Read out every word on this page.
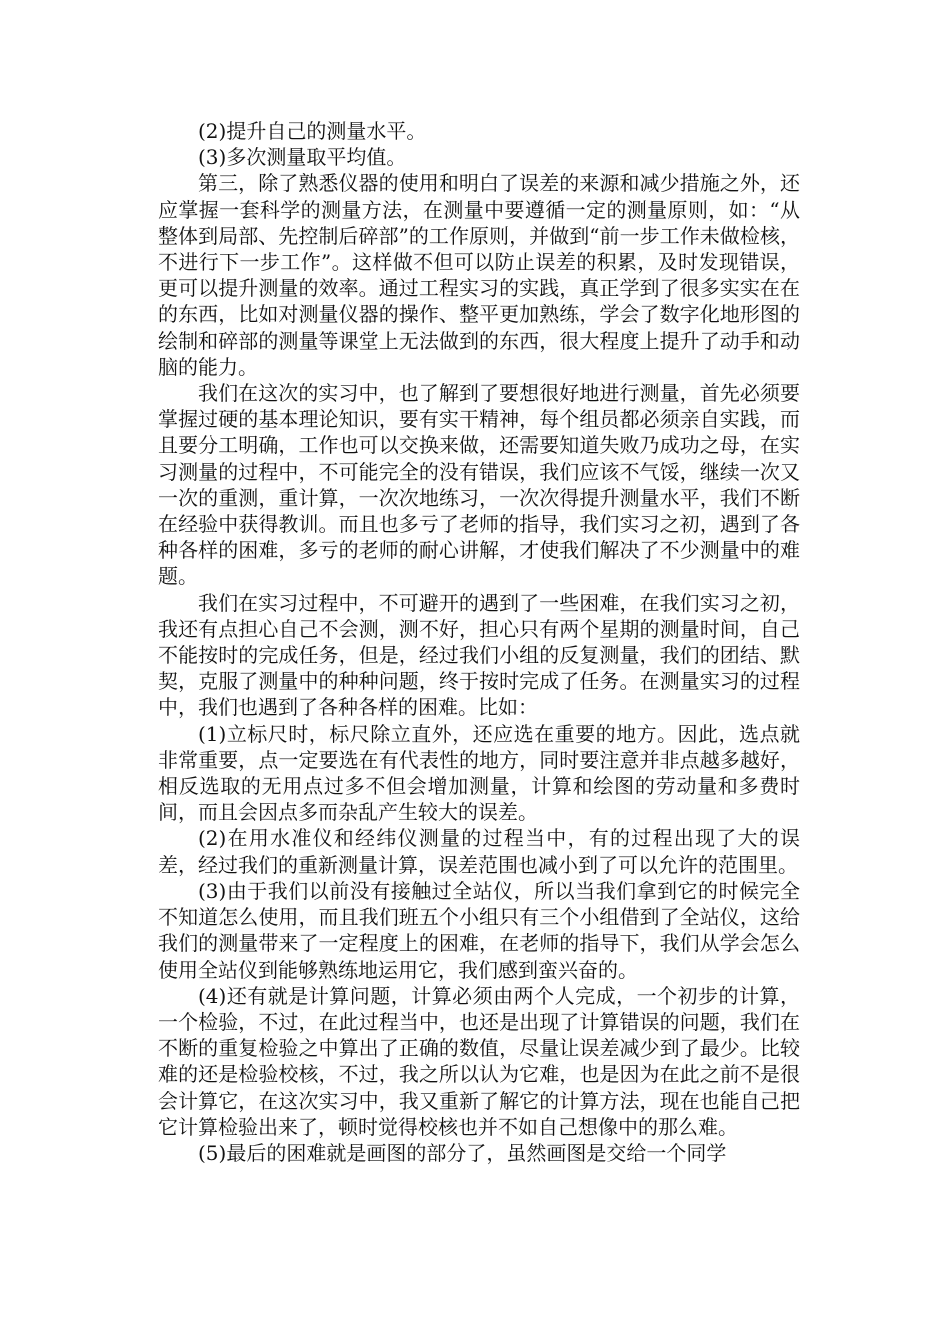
(2)提升自己的测量水平。

(3)多次测量取平均值。

第三，除了熟悉仪器的使用和明白了误差的来源和减少措施之外，还应掌握一套科学的测量方法，在测量中要遵循一定的测量原则，如：“从整体到局部、先控制后碎部”的工作原则，并做到“前一步工作未做检核，不进行下一步工作”。这样做不但可以防止误差的积累，及时发现错误，更可以提升测量的效率。通过工程实习的实践，真正学到了很多实实在在的东西，比如对测量仪器的操作、整平更加熟练，学会了数字化地形图的绘制和碎部的测量等课堂上无法做到的东西，很大程度上提升了动手和动脑的能力。

我们在这次的实习中，也了解到了要想很好地进行测量，首先必须要掌握过硬的基本理论知识，要有实干精神，每个组员都必须亲自实践，而且要分工明确，工作也可以交换来做，还需要知道失败乃成功之母，在实习测量的过程中，不可能完全的没有错误，我们应该不气馁，继续一次又一次的重测，重计算，一次次地练习，一次次得提升测量水平，我们不断在经验中获得教训。而且也多亏了老师的指导，我们实习之初，遇到了各种各样的困难，多亏的老师的耐心讲解，才使我们解决了不少测量中的难题。

我们在实习过程中，不可避开的遇到了一些困难，在我们实习之初，我还有点担心自己不会测，测不好，担心只有两个星期的测量时间，自己不能按时的完成任务，但是，经过我们小组的反复测量，我们的团结、默契，克服了测量中的种种问题，终于按时完成了任务。在测量实习的过程中，我们也遇到了各种各样的困难。比如：

(1)立标尺时，标尺除立直外，还应选在重要的地方。因此，选点就非常重要，点一定要选在有代表性的地方，同时要注意并非点越多越好，相反选取的无用点过多不但会增加测量，计算和绘图的劳动量和多费时间，而且会因点多而杂乱产生较大的误差。

(2)在用水准仪和经纬仪测量的过程当中，有的过程出现了大的误差，经过我们的重新测量计算，误差范围也减小到了可以允许的范围里。

(3)由于我们以前没有接触过全站仪，所以当我们拿到它的时候完全不知道怎么使用，而且我们班五个小组只有三个小组借到了全站仪，这给我们的测量带来了一定程度上的困难，在老师的指导下，我们从学会怎么使用全站仪到能够熟练地运用它，我们感到蛮兴奋的。

(4)还有就是计算问题，计算必须由两个人完成，一个初步的计算，一个检验，不过，在此过程当中，也还是出现了计算错误的问题，我们在不断的重复检验之中算出了正确的数值，尽量让误差减少到了最少。比较难的还是检验校核，不过，我之所以认为它难，也是因为在此之前不是很会计算它，在这次实习中，我又重新了解它的计算方法，现在也能自己把它计算检验出来了，顿时觉得校核也并不如自己想像中的那么难。

(5)最后的困难就是画图的部分了，虽然画图是交给一个同学
